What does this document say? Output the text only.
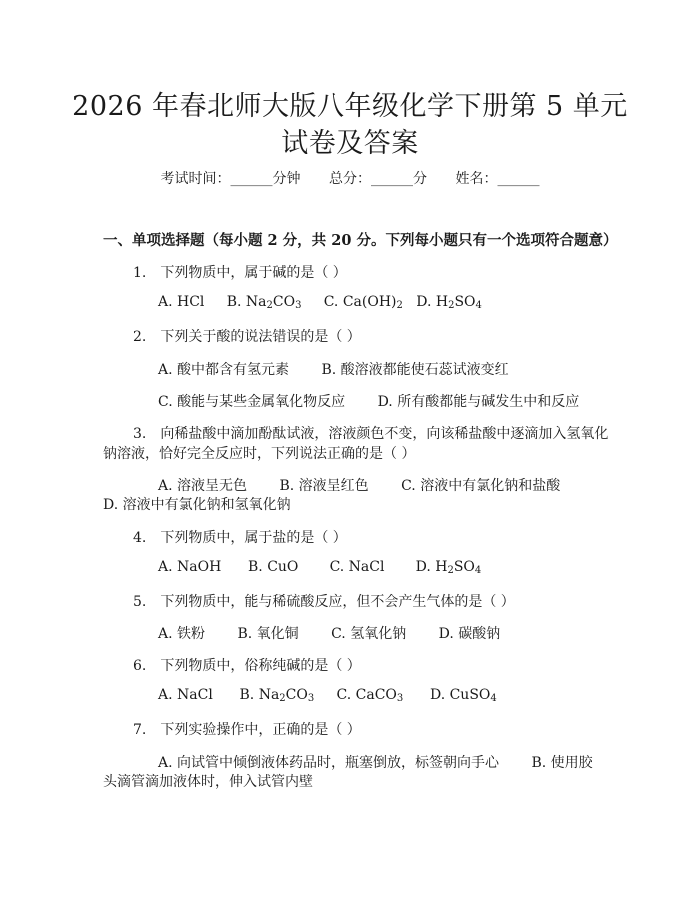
2026 年春北师大版八年级化学下册第 5 单元
试卷及答案
考试时间：______分钟 总分：______分 姓名：______
一、单项选择题（每小题 2 分，共 20 分。下列每小题只有一个选项符合题意）
1.　下列物质中，属于碱的是（ ）
A. HCl B. $Na_2CO_3$ C. $Ca(OH)_2$ D. $H_2SO_4$
2.　下列关于酸的说法错误的是（ ）
A. 酸中都含有氢元素　　 B. 酸溶液都能使石蕊试液变红
C. 酸能与某些金属氧化物反应　　 D. 所有酸都能与碱发生中和反应
3.　向稀盐酸中滴加酚酞试液，溶液颜色不变，向该稀盐酸中逐滴加入氢氧化
钠溶液，恰好完全反应时，下列说法正确的是（ ）
A. 溶液呈无色　　 B. 溶液呈红色　　 C. 溶液中有氯化钠和盐酸
D. 溶液中有氯化钠和氢氧化钠
4.　下列物质中，属于盐的是（ ）
A. NaOH B. CuO C. NaCl D. $H_2SO_4$
5.　下列物质中，能与稀硫酸反应，但不会产生气体的是（ ）
A. 铁粉　　 B. 氧化铜　　 C. 氢氧化钠　　 D. 碳酸钠
6.　下列物质中，俗称纯碱的是（ ）
A. NaCl B. $Na_2CO_3$ C. CaCO$_3$ D. CuSO$_4$
7.　下列实验操作中，正确的是（ ）
A. 向试管中倾倒液体药品时，瓶塞倒放，标签朝向手心　　 B. 使用胶
头滴管滴加液体时，伸入试管内壁
